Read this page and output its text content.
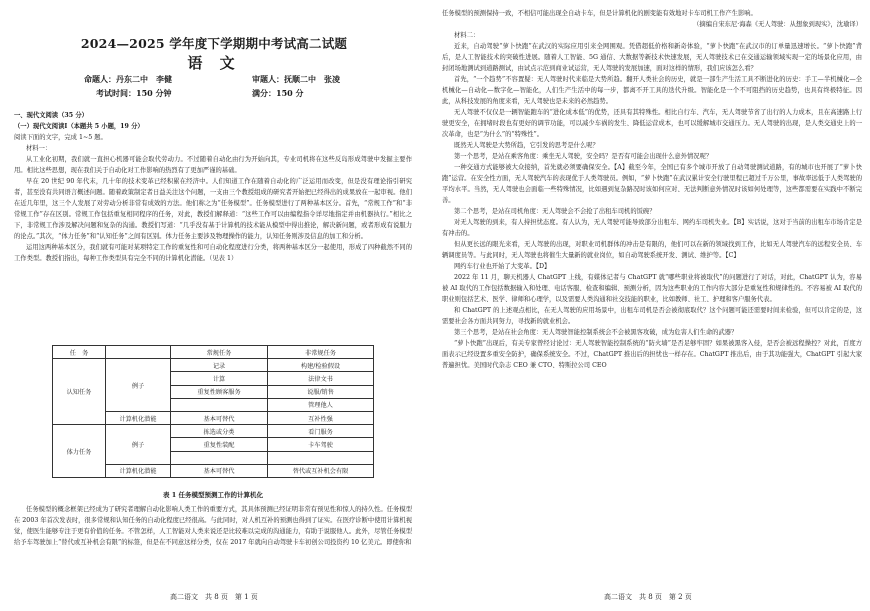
2024—2025 学年度下学期期中考试高二试题
语 文
命题人：丹东二中　李健	审题人：抚顺二中　张凌
考试时间：150 分钟	满分：150 分

一、现代文阅读（35 分）

（一）现代文阅读Ⅰ（本题共 5 小题，19 分）

阅读下面的文字，完成 1~5 题。

材料一：

从工业化初期，我们就一直担心机器可能会取代劳动力。不过随着自动化由行为开始向其，专业司机将在这些反岛形成驾驶中发掘主要作用。相比这些思想，现在我们关于自动化对工作影响的热烈有了更加严谨的基础。

早在 20 世纪 90 年代末，几十年的技术变革已经积累在经济中。人们知道工作在随着自动化的广泛运用而改变，但是没有理论指引研究者，甚至没有共同语言概述问题。随着政策制定者日益关注这个问题，一支由三个教授组成的研究者开始把已经得出的成果放在一起审视。他们在近几年里，这三个人发展了对劳动分析非常有成效的方法。他们称之为“任务模型”。任务模型进行了两种基本区分。首先，“常规工作”和“非常规工作”存在区别。常规工作包括重复相同程序的任务，对此，教授们解释道：“这些工作可以由编程指令详尽地指定并由机器执行。”相比之下，非常规工作涉及解决问题和复杂的沟通。教授们写道：“几乎没有基于计算机的技术能从模型中得出推论，解决新问题，或者形成有说服力的论点。”其次，“体力任务”和“认知任务”之间有区别。体力任务主要涉及物理操作的能力，认知任务则涉及信息的加工和分析。

运用这两种基本区分，我们就有可能对某项特定工作的重复性和可自动化程度进行分类，将两种基本区分一起使用，形成了四种截然不同的工作类型。教授们指出，每种工作类型具有完全不同的计算机化潜能。（见表 1）

任　务		常规任务	非常规任务
认知任务	例子	记录	构建/检验假设
		计算	法律文书
		重复性顾客服务	说服/销售
			管理他人
	计算机化潜能	基本可替代	互补性强
体力任务	例子	拣选或分类	看门服务
		重复性装配	卡车驾驶

	计算机化潜能	基本可替代	替代或互补机会有限
表 1 任务模型预测工作的计算机化

任务模型的概念框架已经成为了研究者理解自动化影响人类工作的重要方式，其具体预测已经证明非常有预见性和惊人的持久性。任务模型在 2003 年首次发表时，很多常规和认知任务的自动化程度已经很高。与此同时，对人机互补的预测也得到了证实。在医疗诊断中使用计算机视觉，使医生能够专注于更有价值的任务。不管怎样，人工智能对人类来说还是比较难以完成的沟通能力，有助于说服他人。此外，尽管任务模型给予车驾驶加上“替代或互补机会有限”的标签，但是在不同意这样分类，仅在 2017 年就向自动驾驶卡车初创公司投资约 10 亿美元。即使你和

高二语文　共 8 页　第 1 页

任务模型的预测保持一致，不相信可能出现全自动卡车，但是计算机化的剧变能有效地对卡车司机工作产生影响。

（摘编自宋东尼·海森《无人驾驶：从想象到现实》，沈瑜译）

材料二：

近来，自动驾驶“萝卜快跑”在武汉的实际应用引来全网围观。凭借超低价格和新奇体验，“萝卜快跑”在武汉市的订单量迅速增长。“萝卜快跑”背后，是人工智能技术的突破性进展。随着人工智能、5G 通信、大数据等新技术快速发展，无人驾驶技术已在交通运输领域实现一定的场景化应用，由封闭场地测试到道路测试，由试点示范到商业试运营，无人驾驶的发展加速，面对这样的情形，我们应该怎么看？

首先，“一个趋势”不容置疑：无人驾驶时代来临是大势所趋。翻开人类社会的历史，就是一部生产生活工具不断进化的历史：手工—半机械化—全机械化—自动化—数字化—智能化，人们生产生活中的每一步，都离不开工具的迭代升级。智能化是一个不可阻挡的历史趋势，也具有终极特征。因此，从科技发展的角度来看，无人驾驶也是未来的必然趋势。

无人驾驶不仅仅是一辆智能跑车的“进化成本低”的优势，还具有其特殊性。相比自行车、汽车，无人驾驶节省了出行的人力成本，且在高速路上行驶更安全，在拥堵时段也有更好的调节功能，可以减少车祸的发生、降低运营成本，也可以缓解城市交通压力。无人驾驶的出现，是人类交通史上的一次革命，也是“为什么”的“特殊性”。

既然无人驾驶是大势所趋，它引发的思考是什么呢？

第一个思考，是站在乘客角度：乘坐无人驾驶，安全吗？是否有可能会出现什么意外情况呢？

一种交通方式能够被大众接纳，首先就必须要确保安全。【A】截至今年，全国已有多个城市开放了自动驾驶测试道路，有的城市也开展了“萝卜快跑”运营。在安全性方面，无人驾驶汽车的表现优于人类驾驶员。例如，“萝卜快跑”在武汉累计安全行驶里程已超过千万公里，事故率远低于人类驾驶的平均水平。当然，无人驾驶也会面临一些特殊情况，比如遇到复杂路况时该如何应对、无法判断意外情况时该如何处理等，这些都需要在实践中不断完善。

第二个思考，是站在司机角度：无人驾驶会不会抢了出租车司机的饭碗？

对无人驾驶的到来，有人持担忧态度。有人认为，无人驾驶可能导致部分出租车、网约车司机失业。【B】实话说，这对于当前的出租车市场肯定是有冲击的。

但从更长远的眼光来看，无人驾驶的出现，对职业司机群体的冲击是有限的，他们可以在新的领域找到工作，比如无人驾驶汽车的远程安全员、车辆调度员等。与此同时，无人驾驶也将催生大量新的就业岗位，如自动驾驶系统开发、测试、维护等。【C】

网约车行业也开始了大变革。【D】

2022 年 11 月，聊天机器人 ChatGPT 上线，有媒体记者与 ChatGPT 就“哪些职业将被取代”的问题进行了对话，对此，ChatGPT 认为，容易被 AI 取代的工作包括数据输入和处理、电话客服、检查和编辑、预测分析，因为这些职业的工作内容大部分是重复性和规律性的。不容易被 AI 取代的职业则包括艺术、医学、律师和心理学，以及需要人类沟通和社交技能的职业，比如教师、社工、护理和客户服务代表。

和 ChatGPT 的上述观点相比，在无人驾驶的应用场景中，出租车司机是否会被彻底取代？这个问题可能还需要时间来检验，但可以肯定的是，这需要社会各方面共同努力，寻找新的就业机会。

第三个思考，是站在社会角度：无人驾驶智能控制系统会不会被黑客攻破，成为危害人们生命的武器？

“萝卜快跑”出现后，有关专家曾经讨论过：无人驾驶智能控制系统的“防火墙”是否足够牢固？如果被黑客入侵，是否会被远程操控？对此，百度方面表示已经设置多重安全防护，确保系统安全。不过，ChatGPT 推出后的担忧也一样存在。ChatGPT 推出后，由于其功能强大，ChatGPT 引起大家普遍担忧。美国时代杂志 CEO 兼 CTO、特斯拉公司 CEO

高二语文　共 8 页　第 2 页
